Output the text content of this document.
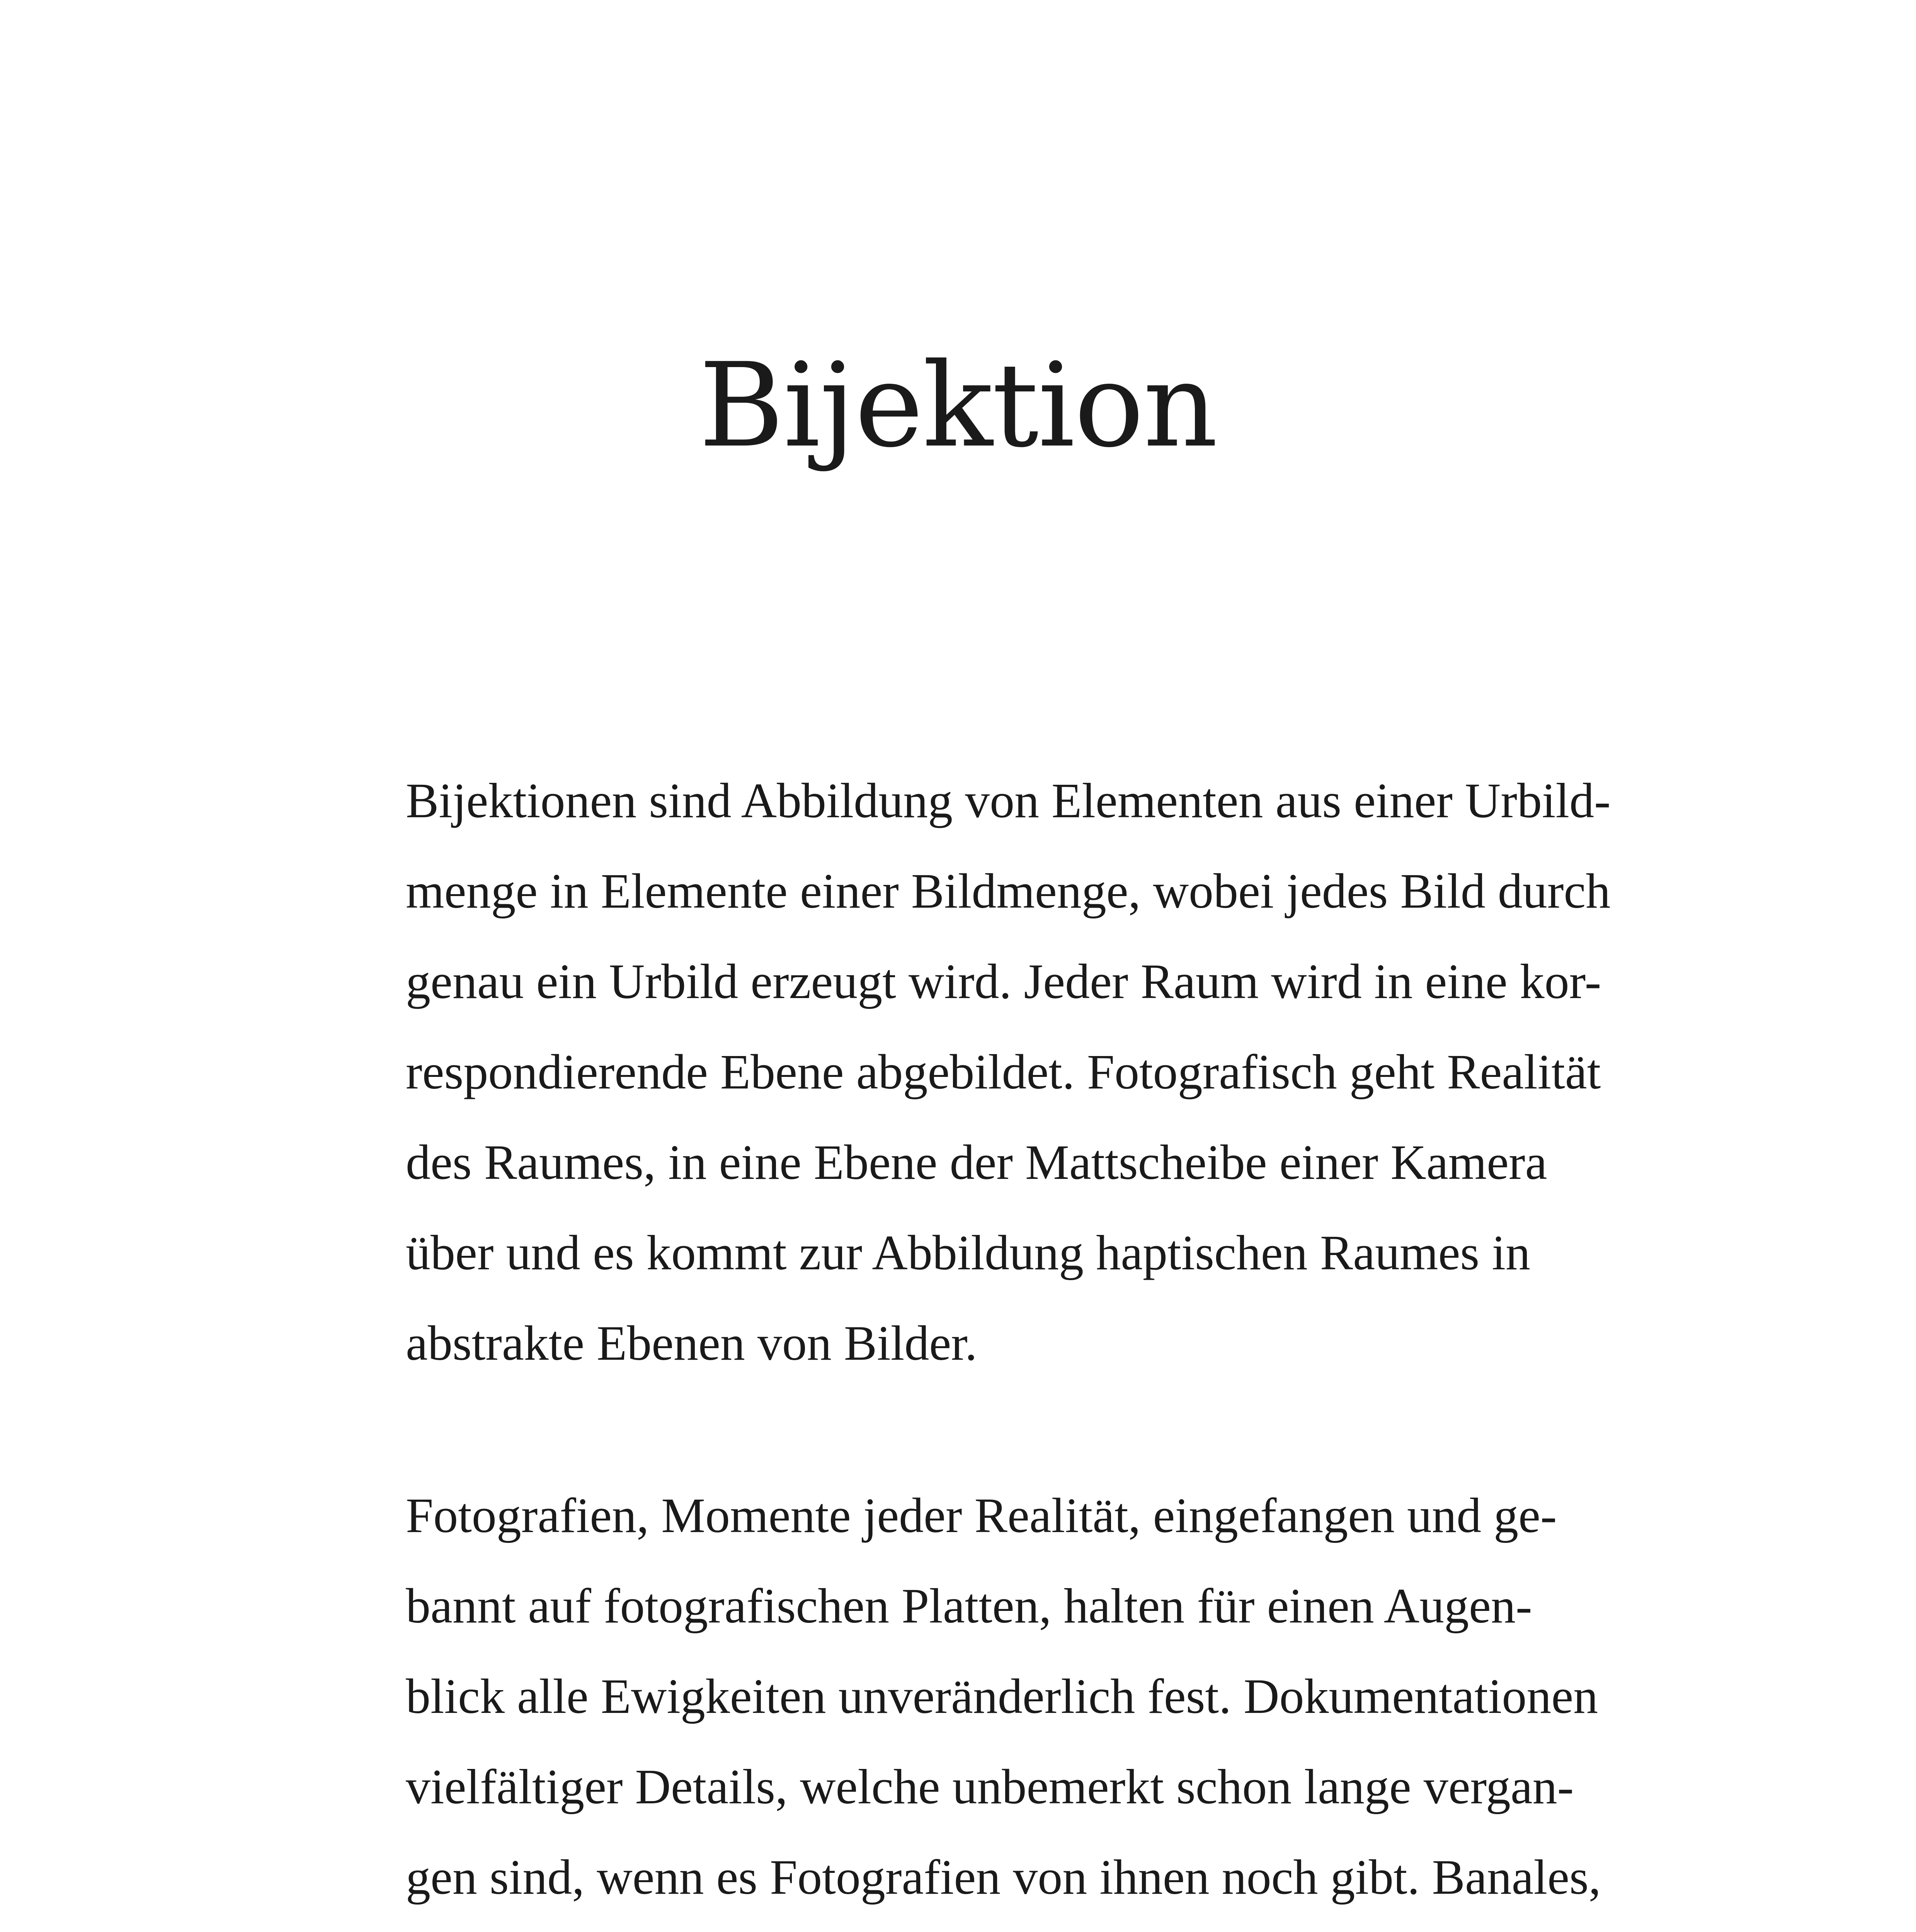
Bijektion
Bijektionen sind Abbildung von Elementen aus einer Urbild-
menge in Elemente einer Bildmenge, wobei jedes Bild durch
genau ein Urbild erzeugt wird. Jeder Raum wird in eine kor-
respondierende Ebene abgebildet. Fotografisch geht Realität
des Raumes, in eine Ebene der Mattscheibe einer Kamera
über und es kommt zur Abbildung haptischen Raumes in
abstrakte Ebenen von Bilder.
Fotografien, Momente jeder Realität, eingefangen und ge-
bannt auf fotografischen Platten, halten für einen Augen-
blick alle Ewigkeiten unveränderlich fest. Dokumentationen
vielfältiger Details, welche unbemerkt schon lange vergan-
gen sind, wenn es Fotografien von ihnen noch gibt. Banales,
